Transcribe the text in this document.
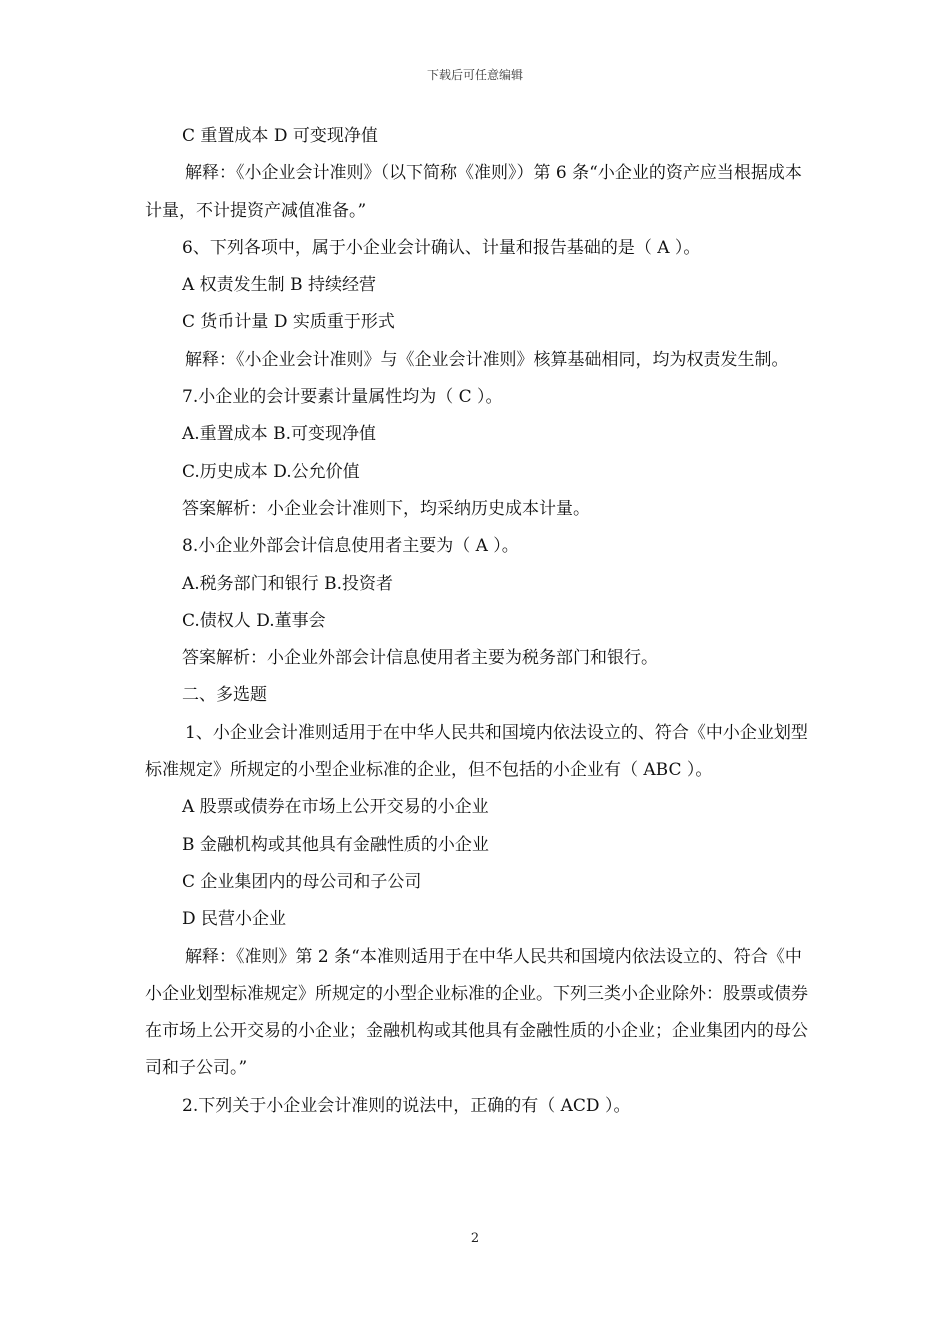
下载后可任意编辑

C 重置成本 D 可变现净值

解释：《小企业会计准则》（以下简称《准则》）第 6 条“小企业的资产应当根据成本计量，不计提资产减值准备。”

6、下列各项中，属于小企业会计确认、计量和报告基础的是（ A ）。

A 权责发生制 B 持续经营

C 货币计量 D 实质重于形式

解释：《小企业会计准则》与《企业会计准则》核算基础相同，均为权责发生制。

7.小企业的会计要素计量属性均为（ C ）。

A.重置成本 B.可变现净值

C.历史成本 D.公允价值

答案解析：小企业会计准则下，均采纳历史成本计量。

8.小企业外部会计信息使用者主要为（ A ）。

A.税务部门和银行 B.投资者

C.债权人 D.董事会

答案解析：小企业外部会计信息使用者主要为税务部门和银行。

二、多选题

1、小企业会计准则适用于在中华人民共和国境内依法设立的、符合《中小企业划型标准规定》所规定的小型企业标准的企业，但不包括的小企业有（ ABC ）。

A 股票或债券在市场上公开交易的小企业

B 金融机构或其他具有金融性质的小企业

C 企业集团内的母公司和子公司

D 民营小企业

解释：《准则》第 2 条“本准则适用于在中华人民共和国境内依法设立的、符合《中小企业划型标准规定》所规定的小型企业标准的企业。下列三类小企业除外：股票或债券在市场上公开交易的小企业；金融机构或其他具有金融性质的小企业；企业集团内的母公司和子公司。”

2.下列关于小企业会计准则的说法中，正确的有（ ACD ）。

2
